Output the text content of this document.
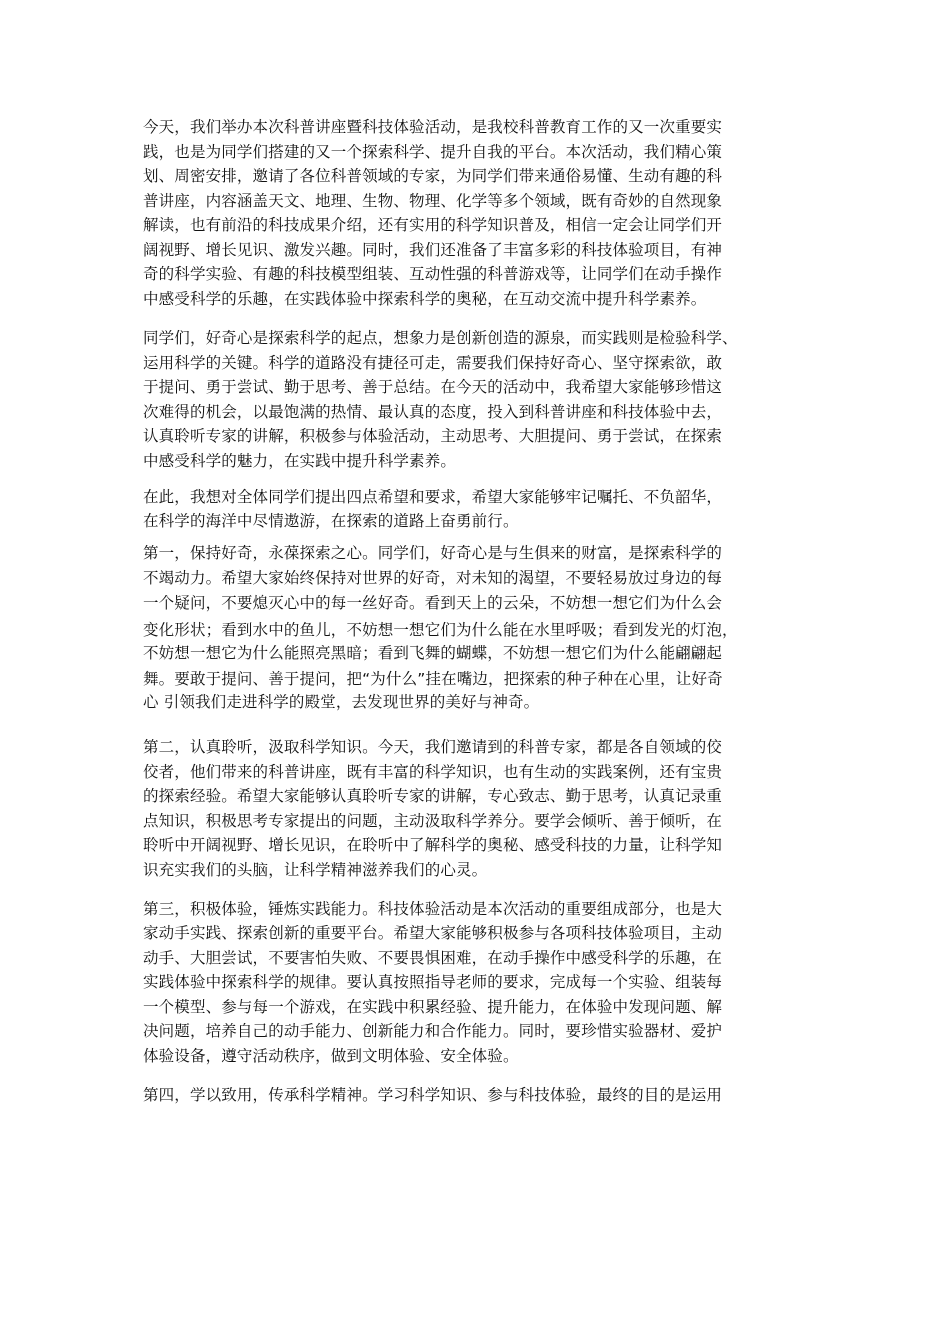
今天，我们举办本次科普讲座暨科技体验活动，是我校科普教育工作的又一次重要实
践，也是为同学们搭建的又一个探索科学、提升自我的平台。本次活动，我们精心策
划、周密安排，邀请了各位科普领域的专家，为同学们带来通俗易懂、生动有趣的科
普讲座，内容涵盖天文、地理、生物、物理、化学等多个领域，既有奇妙的自然现象
解读，也有前沿的科技成果介绍，还有实用的科学知识普及，相信一定会让同学们开
阔视野、增长见识、激发兴趣。同时，我们还准备了丰富多彩的科技体验项目，有神
奇的科学实验、有趣的科技模型组装、互动性强的科普游戏等，让同学们在动手操作
中感受科学的乐趣，在实践体验中探索科学的奥秘，在互动交流中提升科学素养。
同学们，好奇心是探索科学的起点，想象力是创新创造的源泉，而实践则是检验科学、
运用科学的关键。科学的道路没有捷径可走，需要我们保持好奇心、坚守探索欲，敢
于提问、勇于尝试、勤于思考、善于总结。在今天的活动中，我希望大家能够珍惜这
次难得的机会，以最饱满的热情、最认真的态度，投入到科普讲座和科技体验中去，
认真聆听专家的讲解，积极参与体验活动，主动思考、大胆提问、勇于尝试，在探索
中感受科学的魅力，在实践中提升科学素养。
在此，我想对全体同学们提出四点希望和要求，希望大家能够牢记嘱托、不负韶华，
在科学的海洋中尽情遨游，在探索的道路上奋勇前行。
第一，保持好奇，永葆探索之心。同学们，好奇心是与生俱来的财富，是探索科学的
不竭动力。希望大家始终保持对世界的好奇，对未知的渴望，不要轻易放过身边的每
一个疑问，不要熄灭心中的每一丝好奇。看到天上的云朵，不妨想一想它们为什么会
变化形状；看到水中的鱼儿，不妨想一想它们为什么能在水里呼吸；看到发光的灯泡，
不妨想一想它为什么能照亮黑暗；看到飞舞的蝴蝶，不妨想一想它们为什么能翩翩起
舞。要敢于提问、善于提问，把“为什么”挂在嘴边，把探索的种子种在心里，让好奇
心 引领我们走进科学的殿堂，去发现世界的美好与神奇。
第二，认真聆听，汲取科学知识。今天，我们邀请到的科普专家，都是各自领域的佼
佼者，他们带来的科普讲座，既有丰富的科学知识，也有生动的实践案例，还有宝贵
的探索经验。希望大家能够认真聆听专家的讲解，专心致志、勤于思考，认真记录重
点知识，积极思考专家提出的问题，主动汲取科学养分。要学会倾听、善于倾听，在
聆听中开阔视野、增长见识，在聆听中了解科学的奥秘、感受科技的力量，让科学知
识充实我们的头脑，让科学精神滋养我们的心灵。
第三，积极体验，锤炼实践能力。科技体验活动是本次活动的重要组成部分，也是大
家动手实践、探索创新的重要平台。希望大家能够积极参与各项科技体验项目，主动
动手、大胆尝试，不要害怕失败、不要畏惧困难，在动手操作中感受科学的乐趣，在
实践体验中探索科学的规律。要认真按照指导老师的要求，完成每一个实验、组装每
一个模型、参与每一个游戏，在实践中积累经验、提升能力，在体验中发现问题、解
决问题，培养自己的动手能力、创新能力和合作能力。同时，要珍惜实验器材、爱护
体验设备，遵守活动秩序，做到文明体验、安全体验。
第四，学以致用，传承科学精神。学习科学知识、参与科技体验，最终的目的是运用
